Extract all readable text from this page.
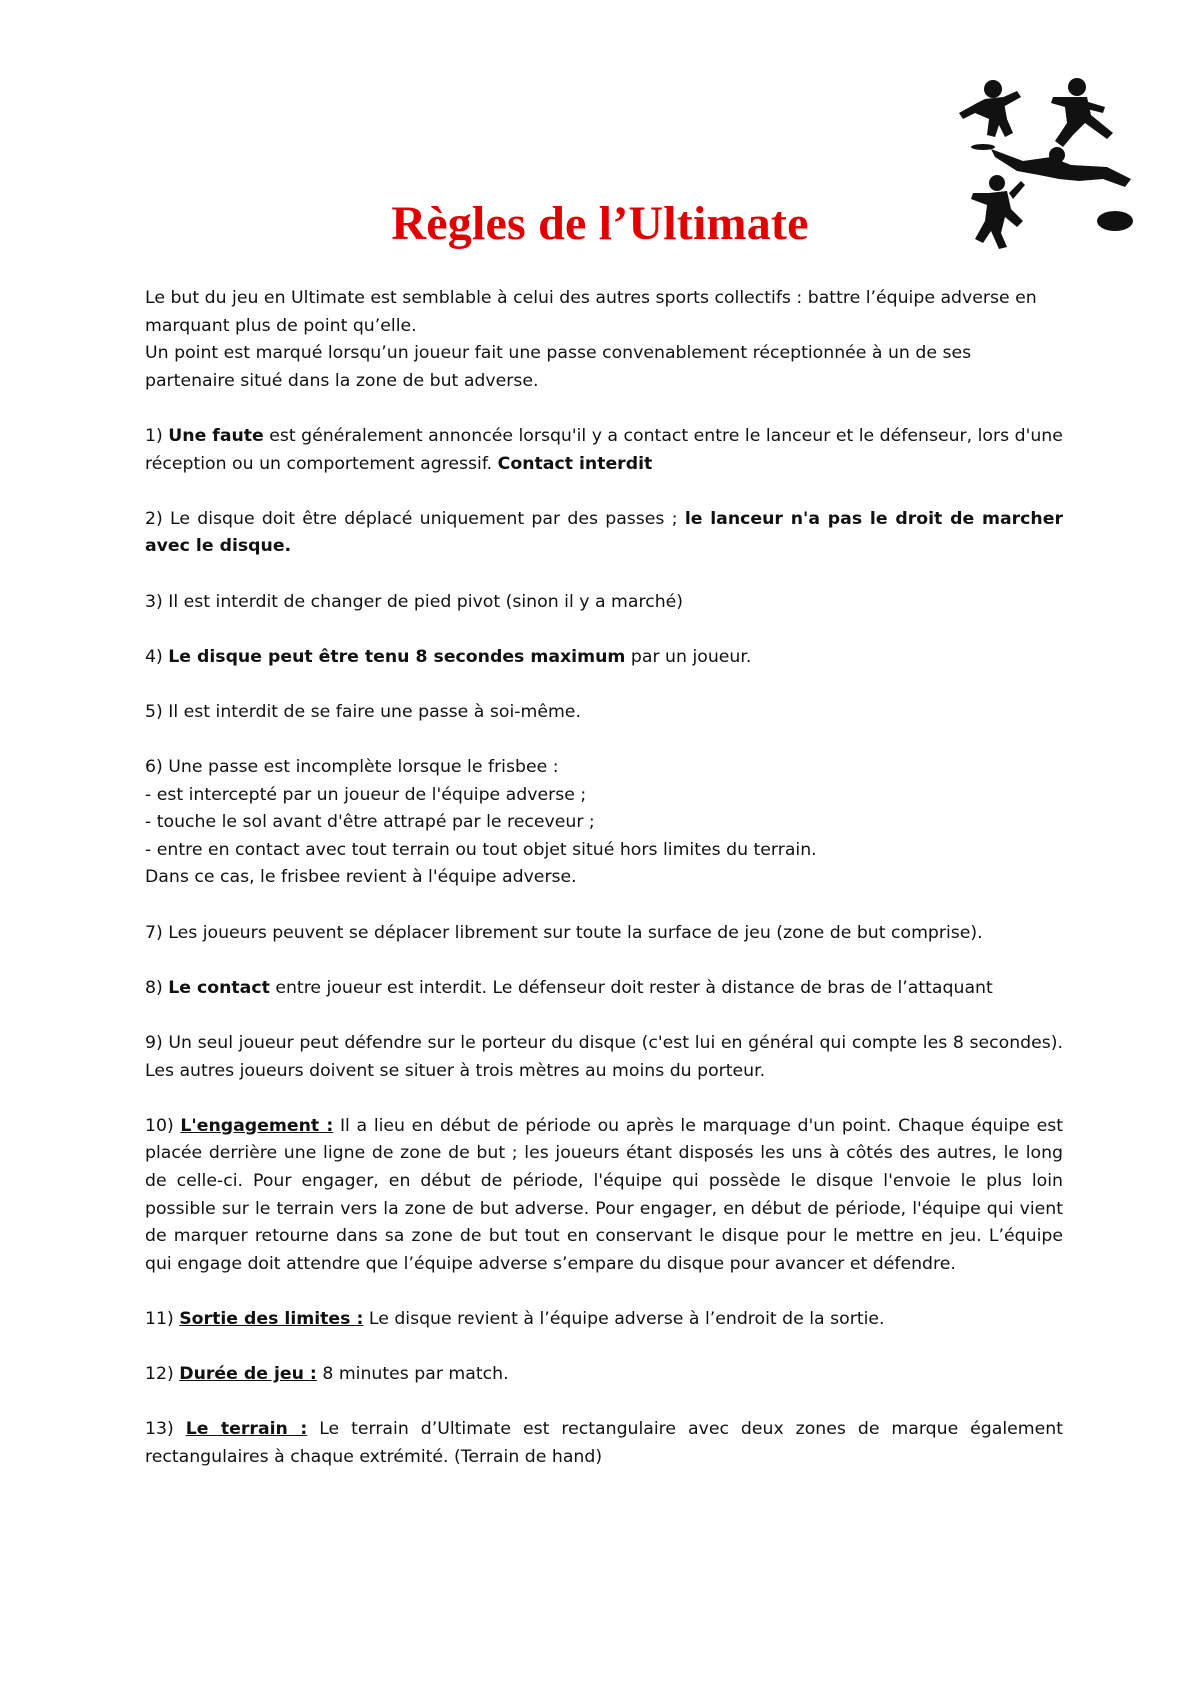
Règles de l’Ultimate

Le but du jeu en Ultimate est semblable à celui des autres sports collectifs : battre l’équipe adverse en marquant plus de point qu’elle.

Un point est marqué lorsqu’un joueur fait une passe convenablement réceptionnée à un de ses partenaire situé dans la zone de but adverse.

1) Une faute est généralement annoncée lorsqu'il y a contact entre le lanceur et le défenseur, lors d'une réception ou un comportement agressif. Contact interdit

2) Le disque doit être déplacé uniquement par des passes ; le lanceur n'a pas le droit de marcher avec le disque.

3) Il est interdit de changer de pied pivot (sinon il y a marché)

4) Le disque peut être tenu 8 secondes maximum par un joueur.

5) Il est interdit de se faire une passe à soi-même.

6) Une passe est incomplète lorsque le frisbee :

- est intercepté par un joueur de l'équipe adverse ;

- touche le sol avant d'être attrapé par le receveur ;

- entre en contact avec tout terrain ou tout objet situé hors limites du terrain.

Dans ce cas, le frisbee revient à l'équipe adverse.

7) Les joueurs peuvent se déplacer librement sur toute la surface de jeu (zone de but comprise).

8) Le contact entre joueur est interdit. Le défenseur doit rester à distance de bras de l’attaquant

9) Un seul joueur peut défendre sur le porteur du disque (c'est lui en général qui compte les 8 secondes). Les autres joueurs doivent se situer à trois mètres au moins du porteur.

10) L'engagement : Il a lieu en début de période ou après le marquage d'un point. Chaque équipe est placée derrière une ligne de zone de but ; les joueurs étant disposés les uns à côtés des autres, le long de celle-ci. Pour engager, en début de période, l'équipe qui possède le disque l'envoie le plus loin possible sur le terrain vers la zone de but adverse. Pour engager, en début de période, l'équipe qui vient de marquer retourne dans sa zone de but tout en conservant le disque pour le mettre en jeu. L’équipe qui engage doit attendre que l’équipe adverse s’empare du disque pour avancer et défendre.

11) Sortie des limites : Le disque revient à l’équipe adverse à l’endroit de la sortie.

12) Durée de jeu : 8 minutes par match.

13) Le terrain : Le terrain d’Ultimate est rectangulaire avec deux zones de marque également rectangulaires à chaque extrémité. (Terrain de hand)
